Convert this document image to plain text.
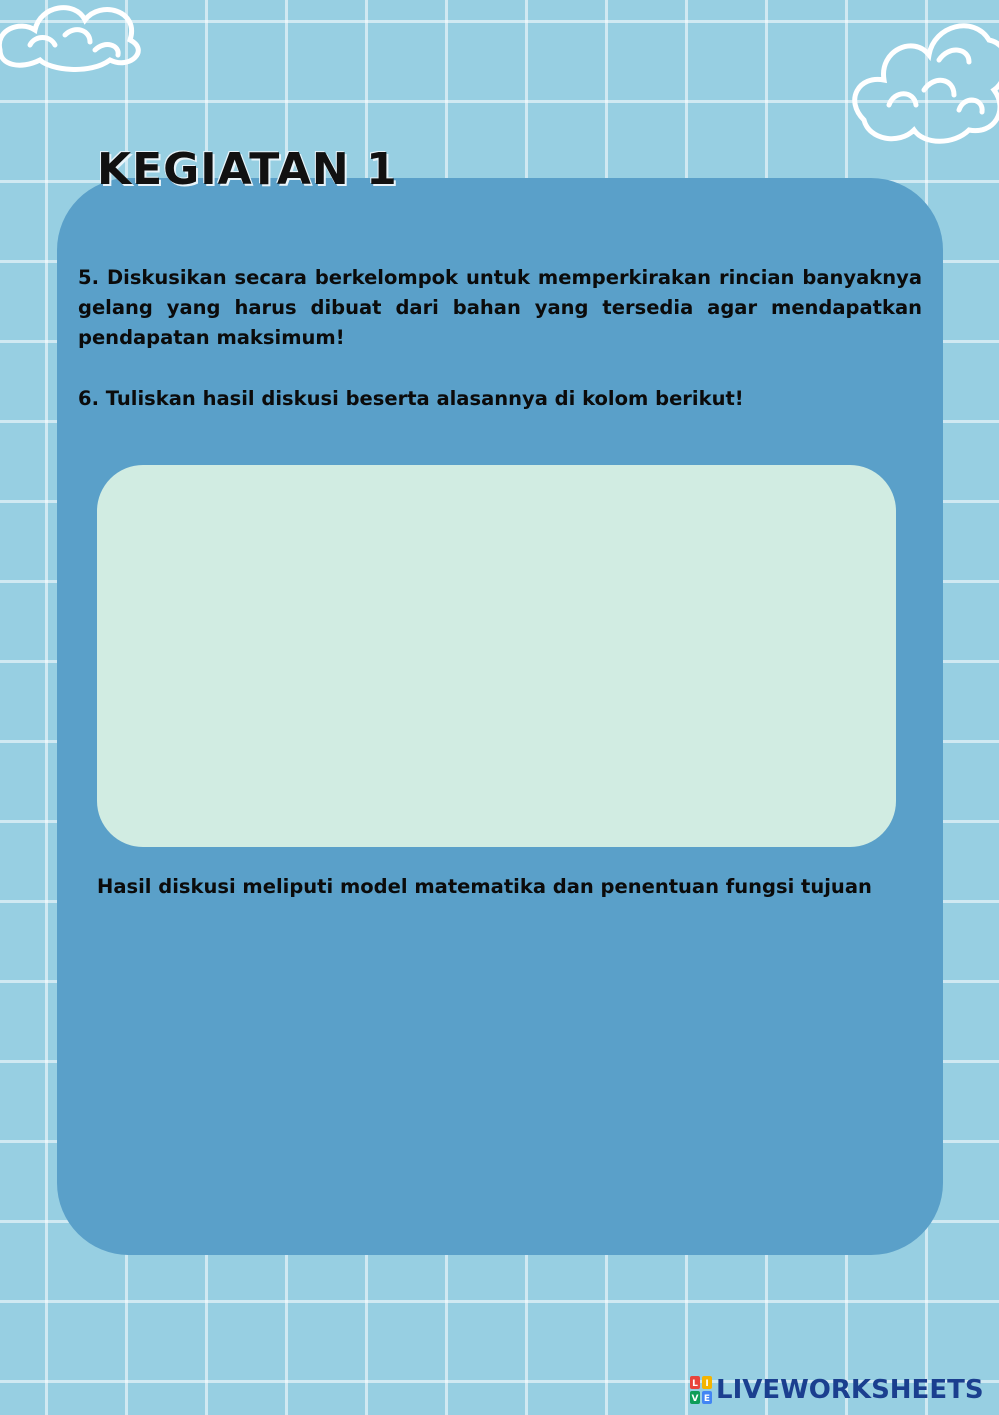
KEGIATAN 1

5. Diskusikan secara berkelompok untuk memperkirakan rincian banyaknya gelang yang harus dibuat dari bahan yang tersedia agar mendapatkan pendapatan maksimum!

6. Tuliskan hasil diskusi beserta alasannya di kolom berikut!

Hasil diskusi meliputi model matematika dan penentuan fungsi tujuan

L I
V E LIVEWORKSHEETS
